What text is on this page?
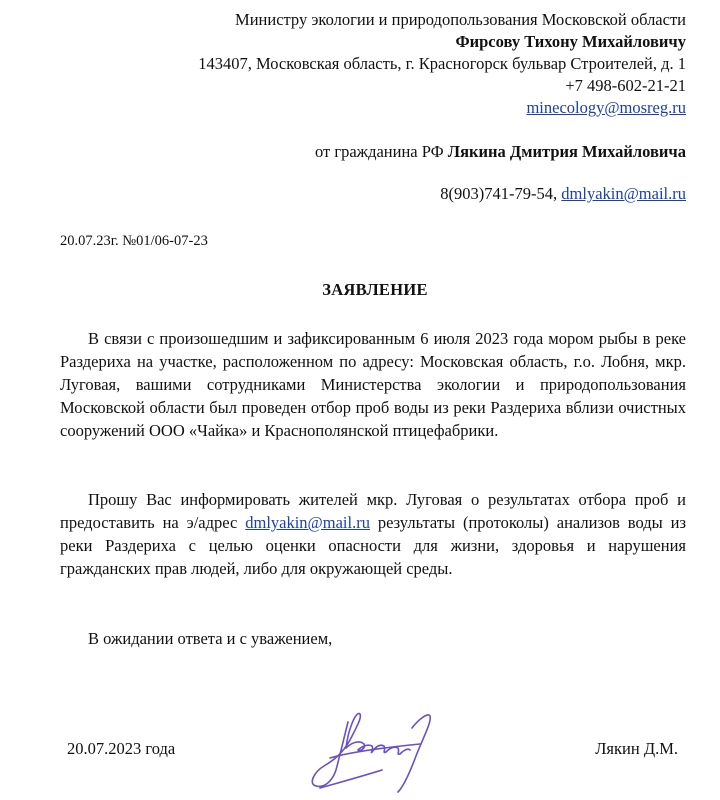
Министру экологии и природопользования Московской области
Фирсову Тихону Михайловичу
143407, Московская область, г. Красногорск бульвар Строителей, д. 1
+7 498-602-21-21
minecology@mosreg.ru
от гражданина РФ Лякина Дмитрия Михайловича
8(903)741-79-54, dmlyakin@mail.ru
20.07.23г. №01/06-07-23
ЗАЯВЛЕНИЕ
В связи с произошедшим и зафиксированным 6 июля 2023 года мором рыбы в реке Раздериха на участке, расположенном по адресу: Московская область, г.о. Лобня, мкр. Луговая, вашими сотрудниками Министерства экологии и природопользования Московской области был проведен отбор проб воды из реки Раздериха вблизи очистных сооружений ООО «Чайка» и Краснополянской птицефабрики.
Прошу Вас информировать жителей мкр. Луговая о результатах отбора проб и предоставить на э/адрес dmlyakin@mail.ru результаты (протоколы) анализов воды из реки Раздериха с целью оценки опасности для жизни, здоровья и нарушения гражданских прав людей, либо для окружающей среды.
В ожидании ответа и с уважением,
20.07.2023 года	Лякин Д.М.
